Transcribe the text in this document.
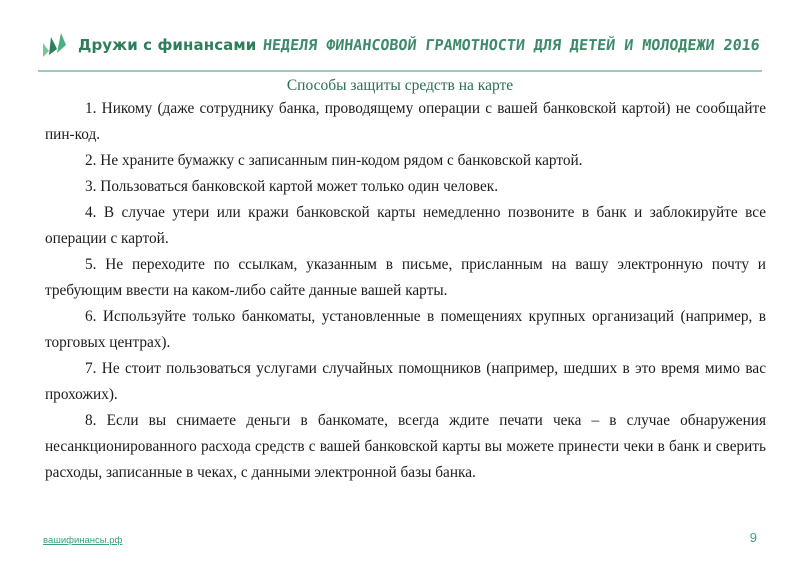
Дружи с финансами НЕДЕЛЯ ФИНАНСОВОЙ ГРАМОТНОСТИ ДЛЯ ДЕТЕЙ И МОЛОДЕЖИ 2016
Способы защиты средств на карте

1. Никому (даже сотруднику банка, проводящему операции с вашей банковской картой) не сообщайте пин-код.

2. Не храните бумажку с записанным пин-кодом рядом с банковской картой.

3. Пользоваться банковской картой может только один человек.

4. В случае утери или кражи банковской карты немедленно позвоните в банк и заблокируйте все операции с картой.

5. Не переходите по ссылкам, указанным в письме, присланным на вашу электронную почту и требующим ввести на каком-либо сайте данные вашей карты.

6. Используйте только банкоматы, установленные в помещениях крупных организаций (например, в торговых центрах).

7. Не стоит пользоваться услугами случайных помощников (например, шедших в это время мимо вас прохожих).

8. Если вы снимаете деньги в банкомате, всегда ждите печати чека – в случае обнаружения несанкционированного расхода средств с вашей банковской карты вы можете принести чеки в банк и сверить расходы, записанные в чеках, с данными электронной базы банка.

вашифинансы.рф	9
